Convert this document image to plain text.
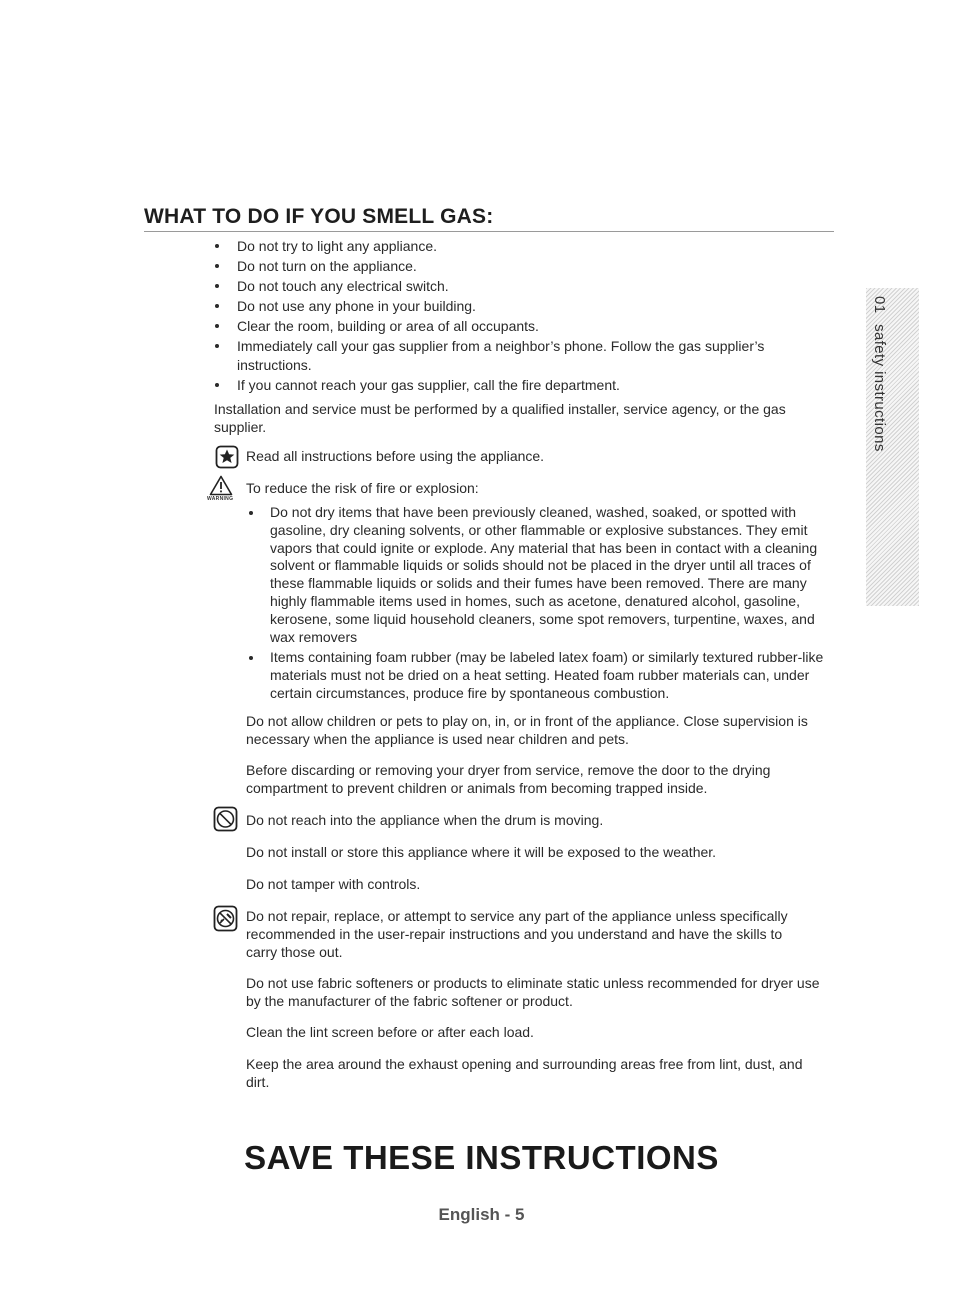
WHAT TO DO IF YOU SMELL GAS:
Do not try to light any appliance.
Do not turn on the appliance.
Do not touch any electrical switch.
Do not use any phone in your building.
Clear the room, building or area of all occupants.
Immediately call your gas supplier from a neighbor’s phone. Follow the gas supplier’s instructions.
If you cannot reach your gas supplier, call the fire department.
Installation and service must be performed by a qualified installer, service agency, or the gas supplier.
Read all instructions before using the appliance.
WARNING
To reduce the risk of fire or explosion:
Do not dry items that have been previously cleaned, washed, soaked, or spotted with gasoline, dry cleaning solvents, or other flammable or explosive substances. They emit vapors that could ignite or explode. Any material that has been in contact with a cleaning solvent or flammable liquids or solids should not be placed in the dryer until all traces of these flammable liquids or solids and their fumes have been removed. There are many highly flammable items used in homes, such as acetone, denatured alcohol, gasoline, kerosene, some liquid household cleaners, some spot removers, turpentine, waxes, and wax removers
Items containing foam rubber (may be labeled latex foam) or similarly textured rubber-like materials must not be dried on a heat setting. Heated foam rubber materials can, under certain circumstances, produce fire by spontaneous combustion.
Do not allow children or pets to play on, in, or in front of the appliance. Close supervision is necessary when the appliance is used near children and pets.
Before discarding or removing your dryer from service, remove the door to the drying compartment to prevent children or animals from becoming trapped inside.
Do not reach into the appliance when the drum is moving.
Do not install or store this appliance where it will be exposed to the weather.
Do not tamper with controls.
Do not repair, replace, or attempt to service any part of the appliance unless specifically recommended in the user-repair instructions and you understand and have the skills to carry those out.
Do not use fabric softeners or products to eliminate static unless recommended for dryer use by the manufacturer of the fabric softener or product.
Clean the lint screen before or after each load.
Keep the area around the exhaust opening and surrounding areas free from lint, dust, and dirt.
SAVE THESE INSTRUCTIONS
English - 5
01 safety instructions
